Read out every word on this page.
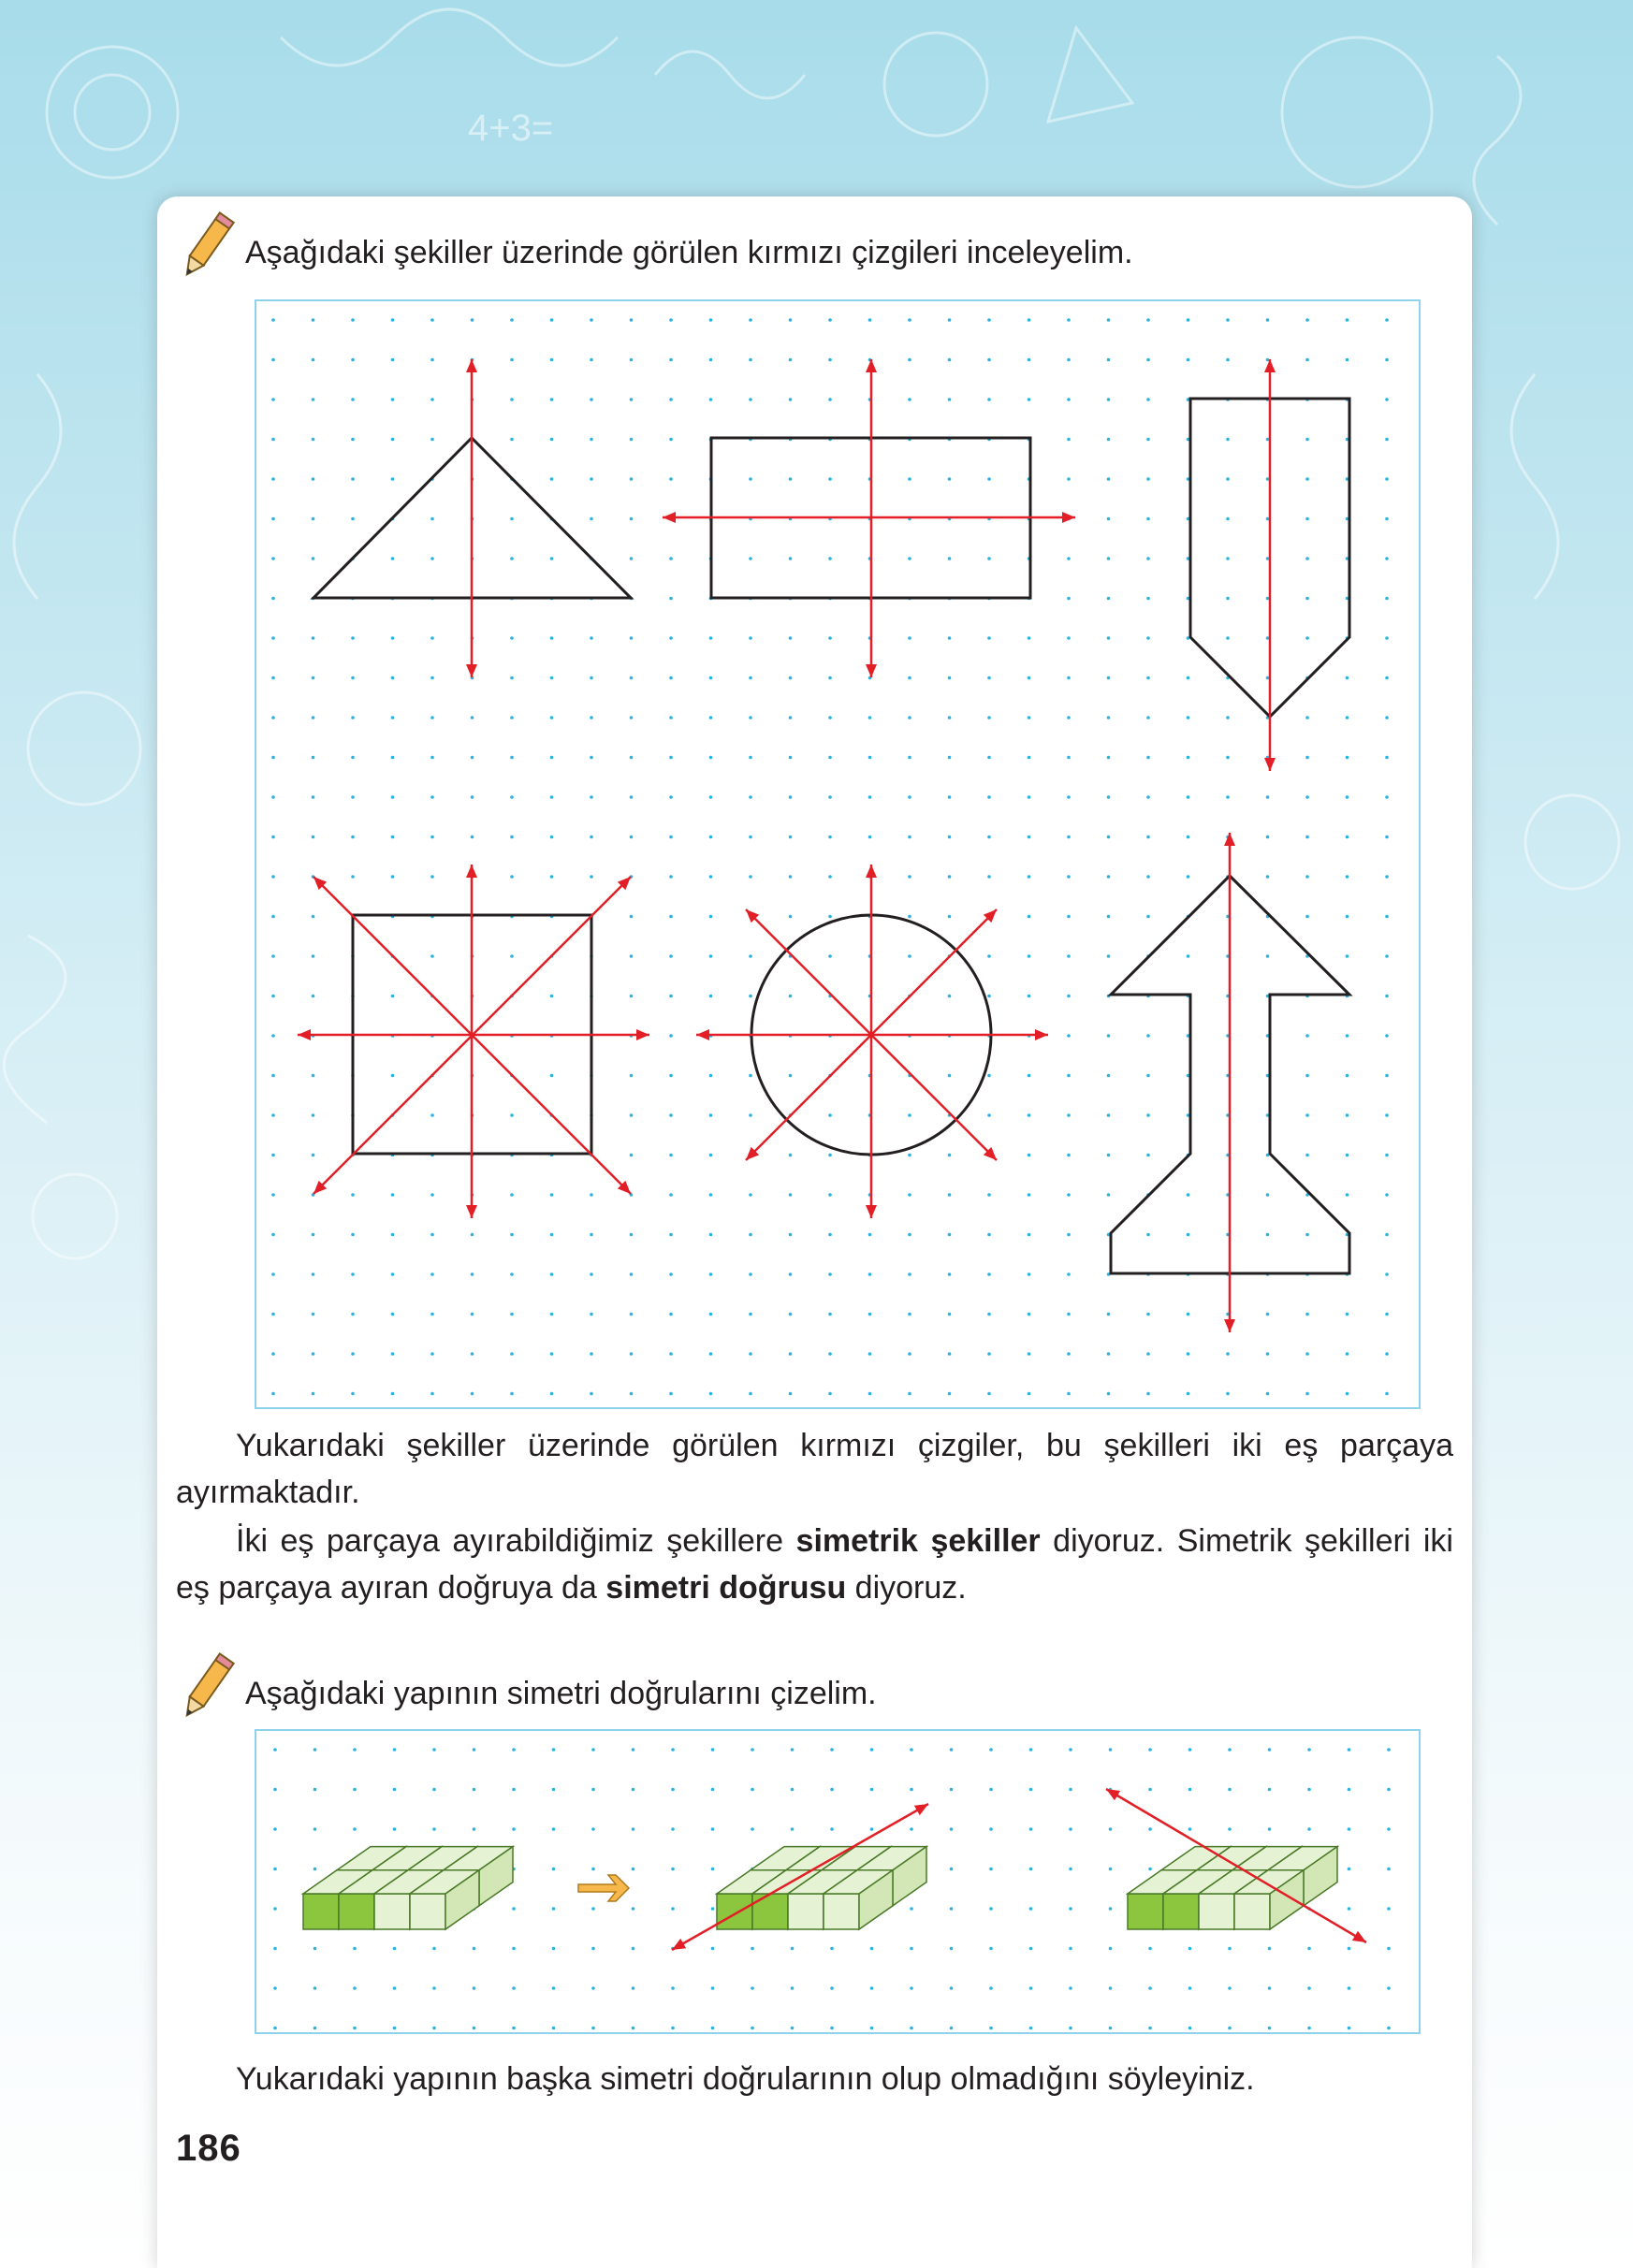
4+3=
Aşağıdaki şekiller üzerinde görülen kırmızı çizgileri inceleyelim.
Yukarıdaki şekiller üzerinde görülen kırmızı çizgiler, bu şekilleri iki eş parçaya ayırmaktadır.
İki eş parçaya ayırabildiğimiz şekillere simetrik şekiller diyoruz. Simetrik şekilleri iki eş parçaya ayıran doğruya da simetri doğrusu diyoruz.
Aşağıdaki yapının simetri doğrularını çizelim.
Yukarıdaki yapının başka simetri doğrularının olup olmadığını söyleyiniz.
186
